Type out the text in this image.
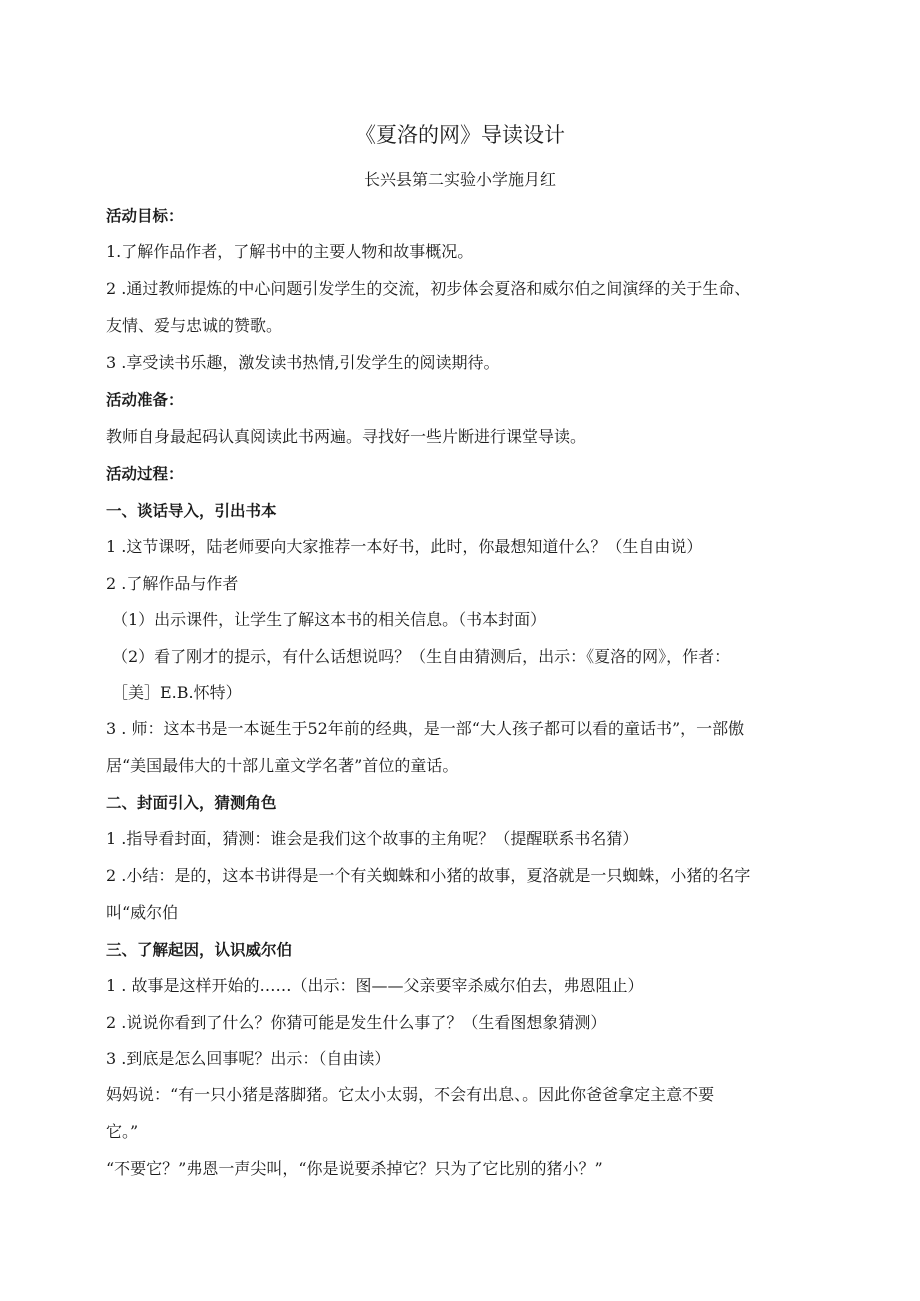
《夏洛的网》导读设计
长兴县第二实验小学施月红
活动目标：
1.了解作品作者，了解书中的主要人物和故事概况。
2 .通过教师提炼的中心问题引发学生的交流，初步体会夏洛和威尔伯之间演绎的关于生命、
友情、爱与忠诚的赞歌。
3 .享受读书乐趣，激发读书热情,引发学生的阅读期待。
活动准备：
教师自身最起码认真阅读此书两遍。寻找好一些片断进行课堂导读。
活动过程：
一、谈话导入，引出书本
1 .这节课呀，陆老师要向大家推荐一本好书，此时，你最想知道什么？（生自由说）
2 .了解作品与作者
（1）出示课件，让学生了解这本书的相关信息。（书本封面）
（2）看了刚才的提示，有什么话想说吗？（生自由猜测后，出示：《夏洛的网》，作者：
［美］E.B.怀特）
3 . 师：这本书是一本诞生于52年前的经典，是一部“大人孩子都可以看的童话书”，一部傲
居“美国最伟大的十部儿童文学名著”首位的童话。
二、封面引入，猜测角色
1 .指导看封面，猜测：谁会是我们这个故事的主角呢？（提醒联系书名猜）
2 .小结：是的，这本书讲得是一个有关蜘蛛和小猪的故事，夏洛就是一只蜘蛛，小猪的名字
叫“威尔伯
三、了解起因，认识威尔伯
1 . 故事是这样开始的……（出示：图——父亲要宰杀威尔伯去，弗恩阻止）
2 .说说你看到了什么？你猜可能是发生什么事了？（生看图想象猜测）
3 .到底是怎么回事呢？出示：（自由读）
妈妈说：“有一只小猪是落脚猪。它太小太弱，不会有出息、。因此你爸爸拿定主意不要
它。”
“不要它？”弗恩一声尖叫，“你是说要杀掉它？只为了它比别的猪小？”
